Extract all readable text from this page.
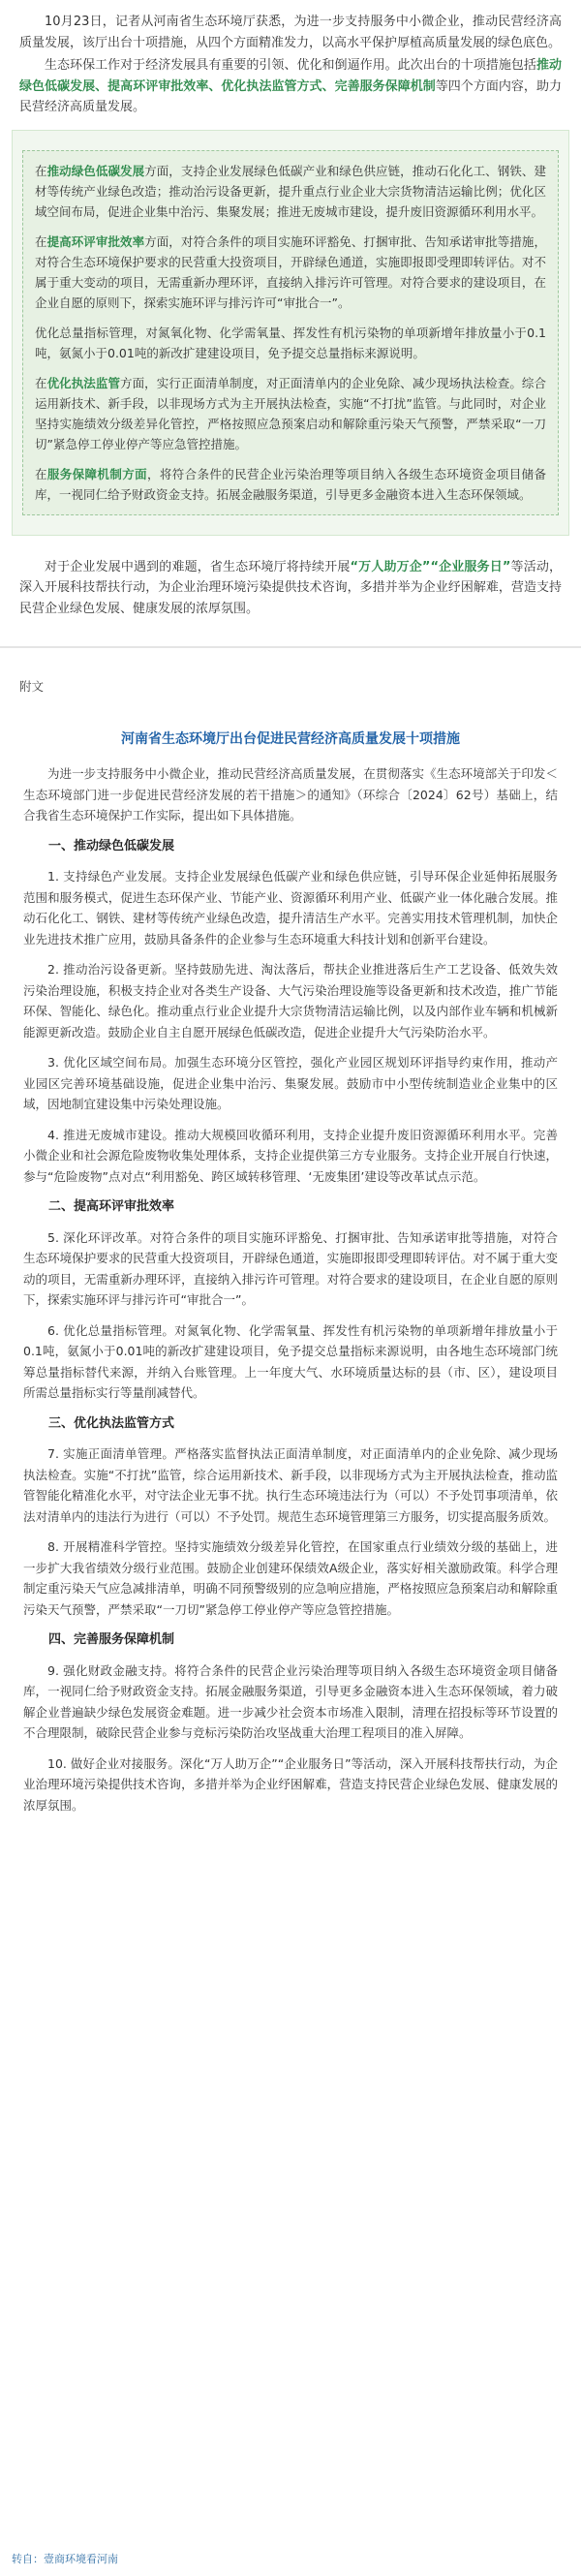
10月23日，记者从河南省生态环境厅获悉，为进一步支持服务中小微企业，推动民营经济高质量发展，该厅出台十项措施，从四个方面精准发力，以高水平保护厚植高质量发展的绿色底色。

生态环保工作对于经济发展具有重要的引领、优化和倒逼作用。此次出台的十项措施包括推动绿色低碳发展、提高环评审批效率、优化执法监管方式、完善服务保障机制等四个方面内容，助力民营经济高质量发展。

在推动绿色低碳发展方面，支持企业发展绿色低碳产业和绿色供应链，推动石化化工、钢铁、建材等传统产业绿色改造；推动治污设备更新，提升重点行业企业大宗货物清洁运输比例；优化区域空间布局，促进企业集中治污、集聚发展；推进无废城市建设，提升废旧资源循环利用水平。

在提高环评审批效率方面，对符合条件的项目实施环评豁免、打捆审批、告知承诺审批等措施，对符合生态环境保护要求的民营重大投资项目，开辟绿色通道，实施即报即受理即转评估。对不属于重大变动的项目，无需重新办理环评，直接纳入排污许可管理。对符合要求的建设项目，在企业自愿的原则下，探索实施环评与排污许可“审批合一”。

优化总量指标管理，对氮氧化物、化学需氧量、挥发性有机污染物的单项新增年排放量小于0.1吨，氨氮小于0.01吨的新改扩建建设项目，免予提交总量指标来源说明。

在优化执法监管方面，实行正面清单制度，对正面清单内的企业免除、减少现场执法检查。综合运用新技术、新手段，以非现场方式为主开展执法检查，实施“不打扰”监管。与此同时，对企业坚持实施绩效分级差异化管控，严格按照应急预案启动和解除重污染天气预警，严禁采取“一刀切”紧急停工停业停产等应急管控措施。

在服务保障机制方面，将符合条件的民营企业污染治理等项目纳入各级生态环境资金项目储备库，一视同仁给予财政资金支持。拓展金融服务渠道，引导更多金融资本进入生态环保领域。

对于企业发展中遇到的难题，省生态环境厅将持续开展“万人助万企”“企业服务日”等活动，深入开展科技帮扶行动，为企业治理环境污染提供技术咨询，多措并举为企业纾困解难，营造支持民营企业绿色发展、健康发展的浓厚氛围。

附文
河南省生态环境厅出台促进民营经济高质量发展十项措施

为进一步支持服务中小微企业，推动民营经济高质量发展，在贯彻落实《生态环境部关于印发＜生态环境部门进一步促进民营经济发展的若干措施＞的通知》（环综合〔2024〕62号）基础上，结合我省生态环境保护工作实际，提出如下具体措施。

一、推动绿色低碳发展

1. 支持绿色产业发展。支持企业发展绿色低碳产业和绿色供应链，引导环保企业延伸拓展服务范围和服务模式，促进生态环保产业、节能产业、资源循环利用产业、低碳产业一体化融合发展。推动石化化工、钢铁、建材等传统产业绿色改造，提升清洁生产水平。完善实用技术管理机制，加快企业先进技术推广应用，鼓励具备条件的企业参与生态环境重大科技计划和创新平台建设。

2. 推动治污设备更新。坚持鼓励先进、淘汰落后，帮扶企业推进落后生产工艺设备、低效失效污染治理设施，积极支持企业对各类生产设备、大气污染治理设施等设备更新和技术改造，推广节能环保、智能化、绿色化。推动重点行业企业提升大宗货物清洁运输比例，以及内部作业车辆和机械新能源更新改造。鼓励企业自主自愿开展绿色低碳改造，促进企业提升大气污染防治水平。

3. 优化区域空间布局。加强生态环境分区管控，强化产业园区规划环评指导约束作用，推动产业园区完善环境基础设施，促进企业集中治污、集聚发展。鼓励市中小型传统制造业企业集中的区域，因地制宜建设集中污染处理设施。

4. 推进无废城市建设。推动大规模回收循环利用，支持企业提升废旧资源循环利用水平。完善小微企业和社会源危险废物收集处理体系，支持企业提供第三方专业服务。支持企业开展自行快速，参与“危险废物”点对点“利用豁免、跨区域转移管理、‘无废集团’建设等改革试点示范。

二、提高环评审批效率

5. 深化环评改革。对符合条件的项目实施环评豁免、打捆审批、告知承诺审批等措施，对符合生态环境保护要求的民营重大投资项目，开辟绿色通道，实施即报即受理即转评估。对不属于重大变动的项目，无需重新办理环评，直接纳入排污许可管理。对符合要求的建设项目，在企业自愿的原则下，探索实施环评与排污许可“审批合一”。

6. 优化总量指标管理。对氮氧化物、化学需氧量、挥发性有机污染物的单项新增年排放量小于0.1吨，氨氮小于0.01吨的新改扩建建设项目，免予提交总量指标来源说明，由各地生态环境部门统筹总量指标替代来源，并纳入台账管理。上一年度大气、水环境质量达标的县（市、区），建设项目所需总量指标实行等量削减替代。

三、优化执法监管方式

7. 实施正面清单管理。严格落实监督执法正面清单制度，对正面清单内的企业免除、减少现场执法检查。实施“不打扰”监管，综合运用新技术、新手段，以非现场方式为主开展执法检查，推动监管智能化精准化水平，对守法企业无事不扰。执行生态环境违法行为（可以）不予处罚事项清单，依法对清单内的违法行为进行（可以）不予处罚。规范生态环境管理第三方服务，切实提高服务质效。

8. 开展精准科学管控。坚持实施绩效分级差异化管控，在国家重点行业绩效分级的基础上，进一步扩大我省绩效分级行业范围。鼓励企业创建环保绩效A级企业，落实好相关激励政策。科学合理制定重污染天气应急减排清单，明确不同预警级别的应急响应措施，严格按照应急预案启动和解除重污染天气预警，严禁采取“一刀切”紧急停工停业停产等应急管控措施。

四、完善服务保障机制

9. 强化财政金融支持。将符合条件的民营企业污染治理等项目纳入各级生态环境资金项目储备库，一视同仁给予财政资金支持。拓展金融服务渠道，引导更多金融资本进入生态环保领域，着力破解企业普遍缺少绿色发展资金难题。进一步减少社会资本市场准入限制，清理在招投标等环节设置的不合理限制，破除民营企业参与竞标污染防治攻坚战重大治理工程项目的准入屏障。

10. 做好企业对接服务。深化“万人助万企”“企业服务日”等活动，深入开展科技帮扶行动，为企业治理环境污染提供技术咨询，多措并举为企业纾困解难，营造支持民营企业绿色发展、健康发展的浓厚氛围。

转自：壹商环境看河南
